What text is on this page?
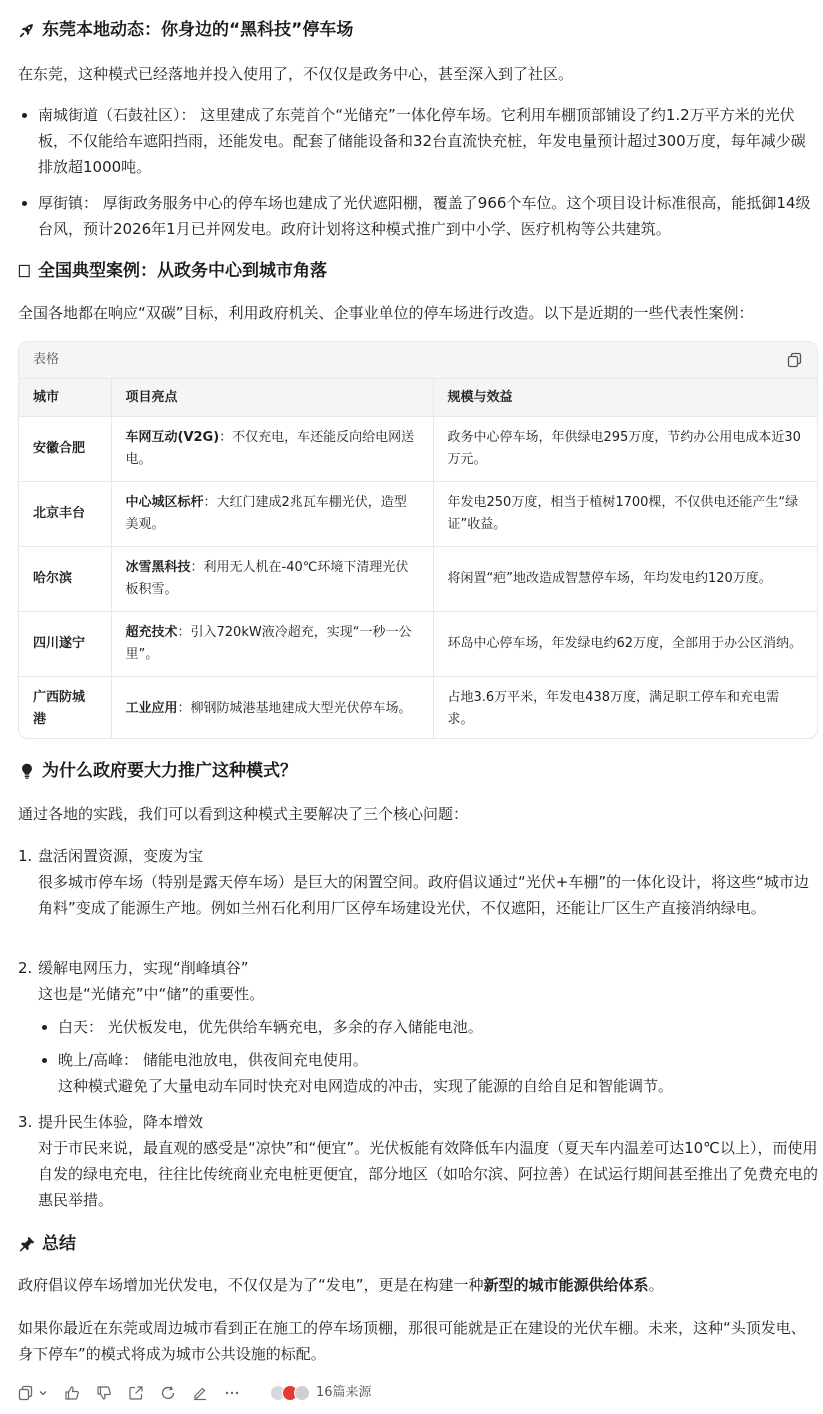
东莞本地动态：你身边的“黑科技”停车场

在东莞，这种模式已经落地并投入使用了，不仅仅是政务中心，甚至深入到了社区。

南城街道（石鼓社区）： 这里建成了东莞首个“光储充”一体化停车场。它利用车棚顶部铺设了约1.2万平方米的光伏板，不仅能给车遮阳挡雨，还能发电。配套了储能设备和32台直流快充桩，年发电量预计超过300万度，每年减少碳排放超1000吨。
厚街镇： 厚街政务服务中心的停车场也建成了光伏遮阳棚，覆盖了966个车位。这个项目设计标准很高，能抵御14级台风，预计2026年1月已并网发电。政府计划将这种模式推广到中小学、医疗机构等公共建筑。
全国典型案例：从政务中心到城市角落

全国各地都在响应“双碳”目标，利用政府机关、企事业单位的停车场进行改造。以下是近期的一些代表性案例：

表格
城市	项目亮点	规模与效益
安徽合肥	车网互动(V2G)：不仅充电，车还能反向给电网送电。	政务中心停车场，年供绿电295万度，节约办公用电成本近30万元。
北京丰台	中心城区标杆：大红门建成2兆瓦车棚光伏，造型美观。	年发电250万度，相当于植树1700棵，不仅供电还能产生“绿证”收益。
哈尔滨	冰雪黑科技：利用无人机在-40℃环境下清理光伏板积雪。	将闲置“疤”地改造成智慧停车场，年均发电约120万度。
四川遂宁	超充技术：引入720kW液冷超充，实现“一秒一公里”。	环岛中心停车场，年发绿电约62万度，全部用于办公区消纳。
广西防城港	工业应用：柳钢防城港基地建成大型光伏停车场。	占地3.6万平米，年发电438万度，满足职工停车和充电需求。
为什么政府要大力推广这种模式？

通过各地的实践，我们可以看到这种模式主要解决了三个核心问题：

1. 盘活闲置资源，变废为宝

很多城市停车场（特别是露天停车场）是巨大的闲置空间。政府倡议通过“光伏+车棚”的一体化设计，将这些“城市边角料”变成了能源生产地。例如兰州石化利用厂区停车场建设光伏，不仅遮阳，还能让厂区生产直接消纳绿电。

2. 缓解电网压力，实现“削峰填谷”

这也是“光储充”中“储”的重要性。

白天： 光伏板发电，优先供给车辆充电，多余的存入储能电池。
晚上/高峰： 储能电池放电，供夜间充电使用。
这种模式避免了大量电动车同时快充对电网造成的冲击，实现了能源的自给自足和智能调节。
3. 提升民生体验，降本增效

对于市民来说，最直观的感受是“凉快”和“便宜”。光伏板能有效降低车内温度（夏天车内温差可达10℃以上），而使用自发的绿电充电，往往比传统商业充电桩更便宜，部分地区（如哈尔滨、阿拉善）在试运行期间甚至推出了免费充电的惠民举措。

总结

政府倡议停车场增加光伏发电，不仅仅是为了“发电”，更是在构建一种新型的城市能源供给体系。

如果你最近在东莞或周边城市看到正在施工的停车场顶棚，那很可能就是正在建设的光伏车棚。未来，这种“头顶发电、身下停车”的模式将成为城市公共设施的标配。

16篇来源
